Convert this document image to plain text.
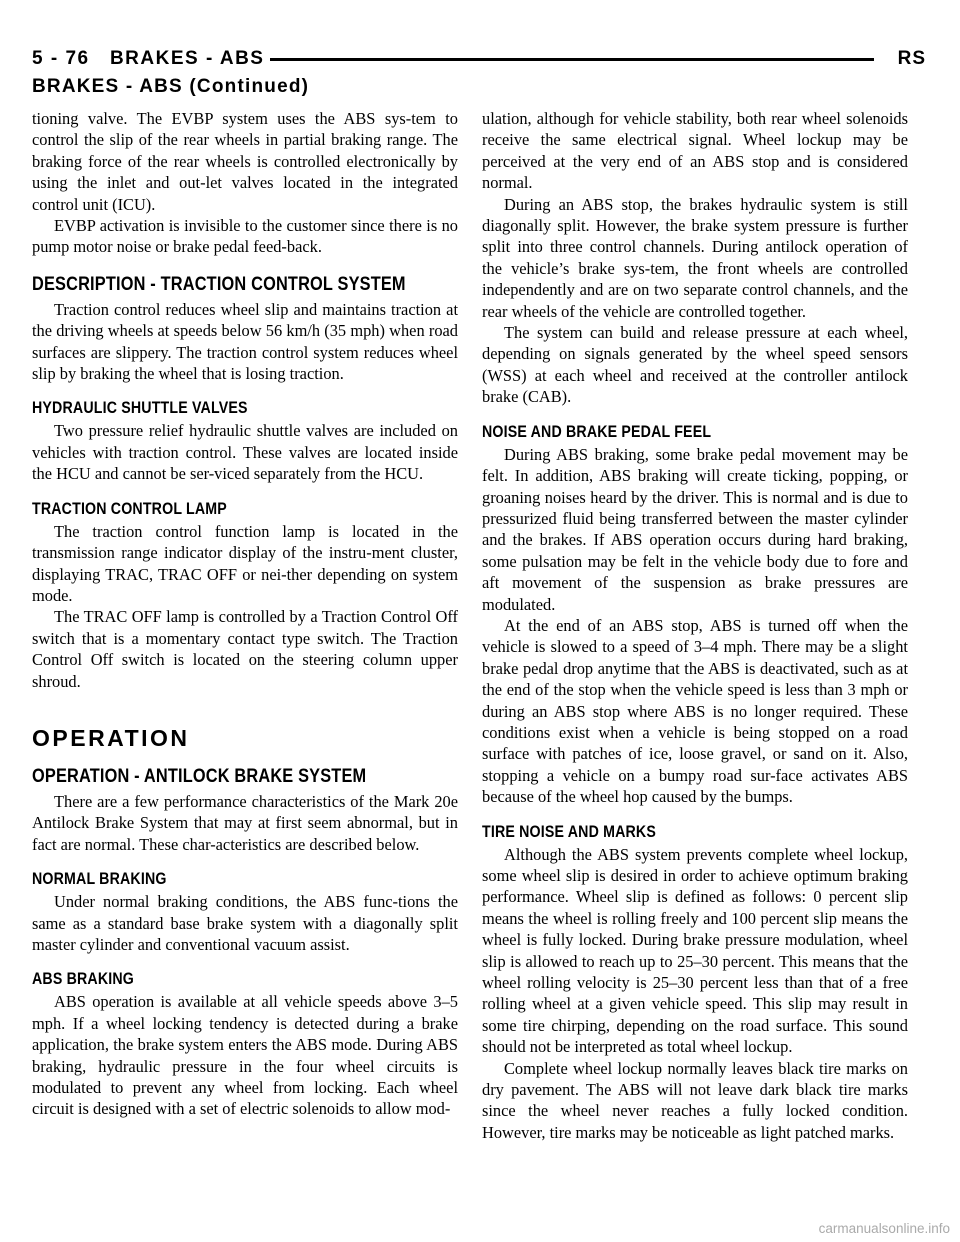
5 - 76 BRAKES - ABS	RS
BRAKES - ABS (Continued)

tioning valve. The EVBP system uses the ABS sys-tem to control the slip of the rear wheels in partial braking range. The braking force of the rear wheels is controlled electronically by using the inlet and out-let valves located in the integrated control unit (ICU).

EVBP activation is invisible to the customer since there is no pump motor noise or brake pedal feed-back.

DESCRIPTION - TRACTION CONTROL SYSTEM

Traction control reduces wheel slip and maintains traction at the driving wheels at speeds below 56 km/h (35 mph) when road surfaces are slippery. The traction control system reduces wheel slip by braking the wheel that is losing traction.

HYDRAULIC SHUTTLE VALVES

Two pressure relief hydraulic shuttle valves are included on vehicles with traction control. These valves are located inside the HCU and cannot be ser-viced separately from the HCU.

TRACTION CONTROL LAMP

The traction control function lamp is located in the transmission range indicator display of the instru-ment cluster, displaying TRAC, TRAC OFF or nei-ther depending on system mode.

The TRAC OFF lamp is controlled by a Traction Control Off switch that is a momentary contact type switch. The Traction Control Off switch is located on the steering column upper shroud.

OPERATION
OPERATION - ANTILOCK BRAKE SYSTEM

There are a few performance characteristics of the Mark 20e Antilock Brake System that may at first seem abnormal, but in fact are normal. These char-acteristics are described below.

NORMAL BRAKING

Under normal braking conditions, the ABS func-tions the same as a standard base brake system with a diagonally split master cylinder and conventional vacuum assist.

ABS BRAKING

ABS operation is available at all vehicle speeds above 3–5 mph. If a wheel locking tendency is detected during a brake application, the brake system enters the ABS mode. During ABS braking, hydraulic pressure in the four wheel circuits is modulated to prevent any wheel from locking. Each wheel circuit is designed with a set of electric solenoids to allow mod-

ulation, although for vehicle stability, both rear wheel solenoids receive the same electrical signal. Wheel lockup may be perceived at the very end of an ABS stop and is considered normal.

During an ABS stop, the brakes hydraulic system is still diagonally split. However, the brake system pressure is further split into three control channels. During antilock operation of the vehicle’s brake sys-tem, the front wheels are controlled independently and are on two separate control channels, and the rear wheels of the vehicle are controlled together.

The system can build and release pressure at each wheel, depending on signals generated by the wheel speed sensors (WSS) at each wheel and received at the controller antilock brake (CAB).

NOISE AND BRAKE PEDAL FEEL

During ABS braking, some brake pedal movement may be felt. In addition, ABS braking will create ticking, popping, or groaning noises heard by the driver. This is normal and is due to pressurized fluid being transferred between the master cylinder and the brakes. If ABS operation occurs during hard braking, some pulsation may be felt in the vehicle body due to fore and aft movement of the suspension as brake pressures are modulated.

At the end of an ABS stop, ABS is turned off when the vehicle is slowed to a speed of 3–4 mph. There may be a slight brake pedal drop anytime that the ABS is deactivated, such as at the end of the stop when the vehicle speed is less than 3 mph or during an ABS stop where ABS is no longer required. These conditions exist when a vehicle is being stopped on a road surface with patches of ice, loose gravel, or sand on it. Also, stopping a vehicle on a bumpy road sur-face activates ABS because of the wheel hop caused by the bumps.

TIRE NOISE AND MARKS

Although the ABS system prevents complete wheel lockup, some wheel slip is desired in order to achieve optimum braking performance. Wheel slip is defined as follows: 0 percent slip means the wheel is rolling freely and 100 percent slip means the wheel is fully locked. During brake pressure modulation, wheel slip is allowed to reach up to 25–30 percent. This means that the wheel rolling velocity is 25–30 percent less than that of a free rolling wheel at a given vehicle speed. This slip may result in some tire chirping, depending on the road surface. This sound should not be interpreted as total wheel lockup.

Complete wheel lockup normally leaves black tire marks on dry pavement. The ABS will not leave dark black tire marks since the wheel never reaches a fully locked condition. However, tire marks may be noticeable as light patched marks.

carmanualsonline.info
